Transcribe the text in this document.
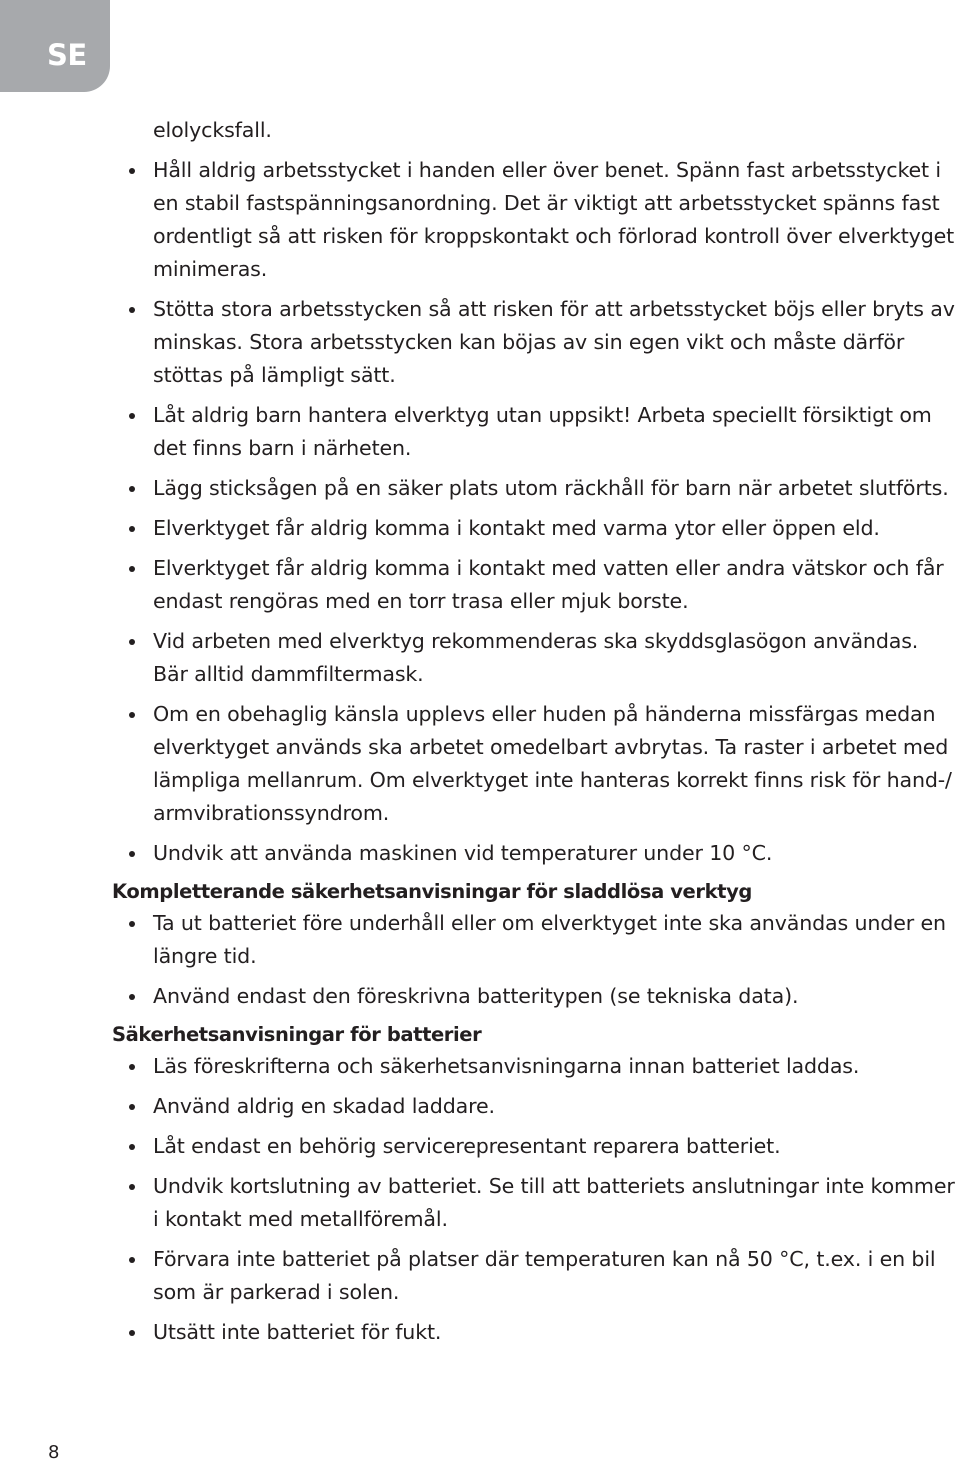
SE
elolycksfall.
Håll aldrig arbetsstycket i handen eller över benet. Spänn fast arbetsstycket i en stabil fastspänningsanordning. Det är viktigt att arbetsstycket spänns fast ordentligt så att risken för kroppskontakt och förlorad kontroll över elverktyget minimeras.
Stötta stora arbetsstycken så att risken för att arbetsstycket böjs eller bryts av minskas. Stora arbetsstycken kan böjas av sin egen vikt och måste därför stöttas på lämpligt sätt.
Låt aldrig barn hantera elverktyg utan uppsikt! Arbeta speciellt försiktigt om det finns barn i närheten.
Lägg sticksågen på en säker plats utom räckhåll för barn när arbetet slutförts.
Elverktyget får aldrig komma i kontakt med varma ytor eller öppen eld.
Elverktyget får aldrig komma i kontakt med vatten eller andra vätskor och får endast rengöras med en torr trasa eller mjuk borste.
Vid arbeten med elverktyg rekommenderas ska skyddsglasögon användas. Bär alltid dammfiltermask.
Om en obehaglig känsla upplevs eller huden på händerna missfärgas medan elverktyget används ska arbetet omedelbart avbrytas. Ta raster i arbetet med lämpliga mellanrum. Om elverktyget inte hanteras korrekt finns risk för hand-/ armvibrationssyndrom.
Undvik att använda maskinen vid temperaturer under 10 °C.
Kompletterande säkerhetsanvisningar för sladdlösa verktyg
Ta ut batteriet före underhåll eller om elverktyget inte ska användas under en längre tid.
Använd endast den föreskrivna batteritypen (se tekniska data).
Säkerhetsanvisningar för batterier
Läs föreskrifterna och säkerhetsanvisningarna innan batteriet laddas.
Använd aldrig en skadad laddare.
Låt endast en behörig servicerepresentant reparera batteriet.
Undvik kortslutning av batteriet. Se till att batteriets anslutningar inte kommer i kontakt med metallföremål.
Förvara inte batteriet på platser där temperaturen kan nå 50 °C, t.ex. i en bil som är parkerad i solen.
Utsätt inte batteriet för fukt.
8
